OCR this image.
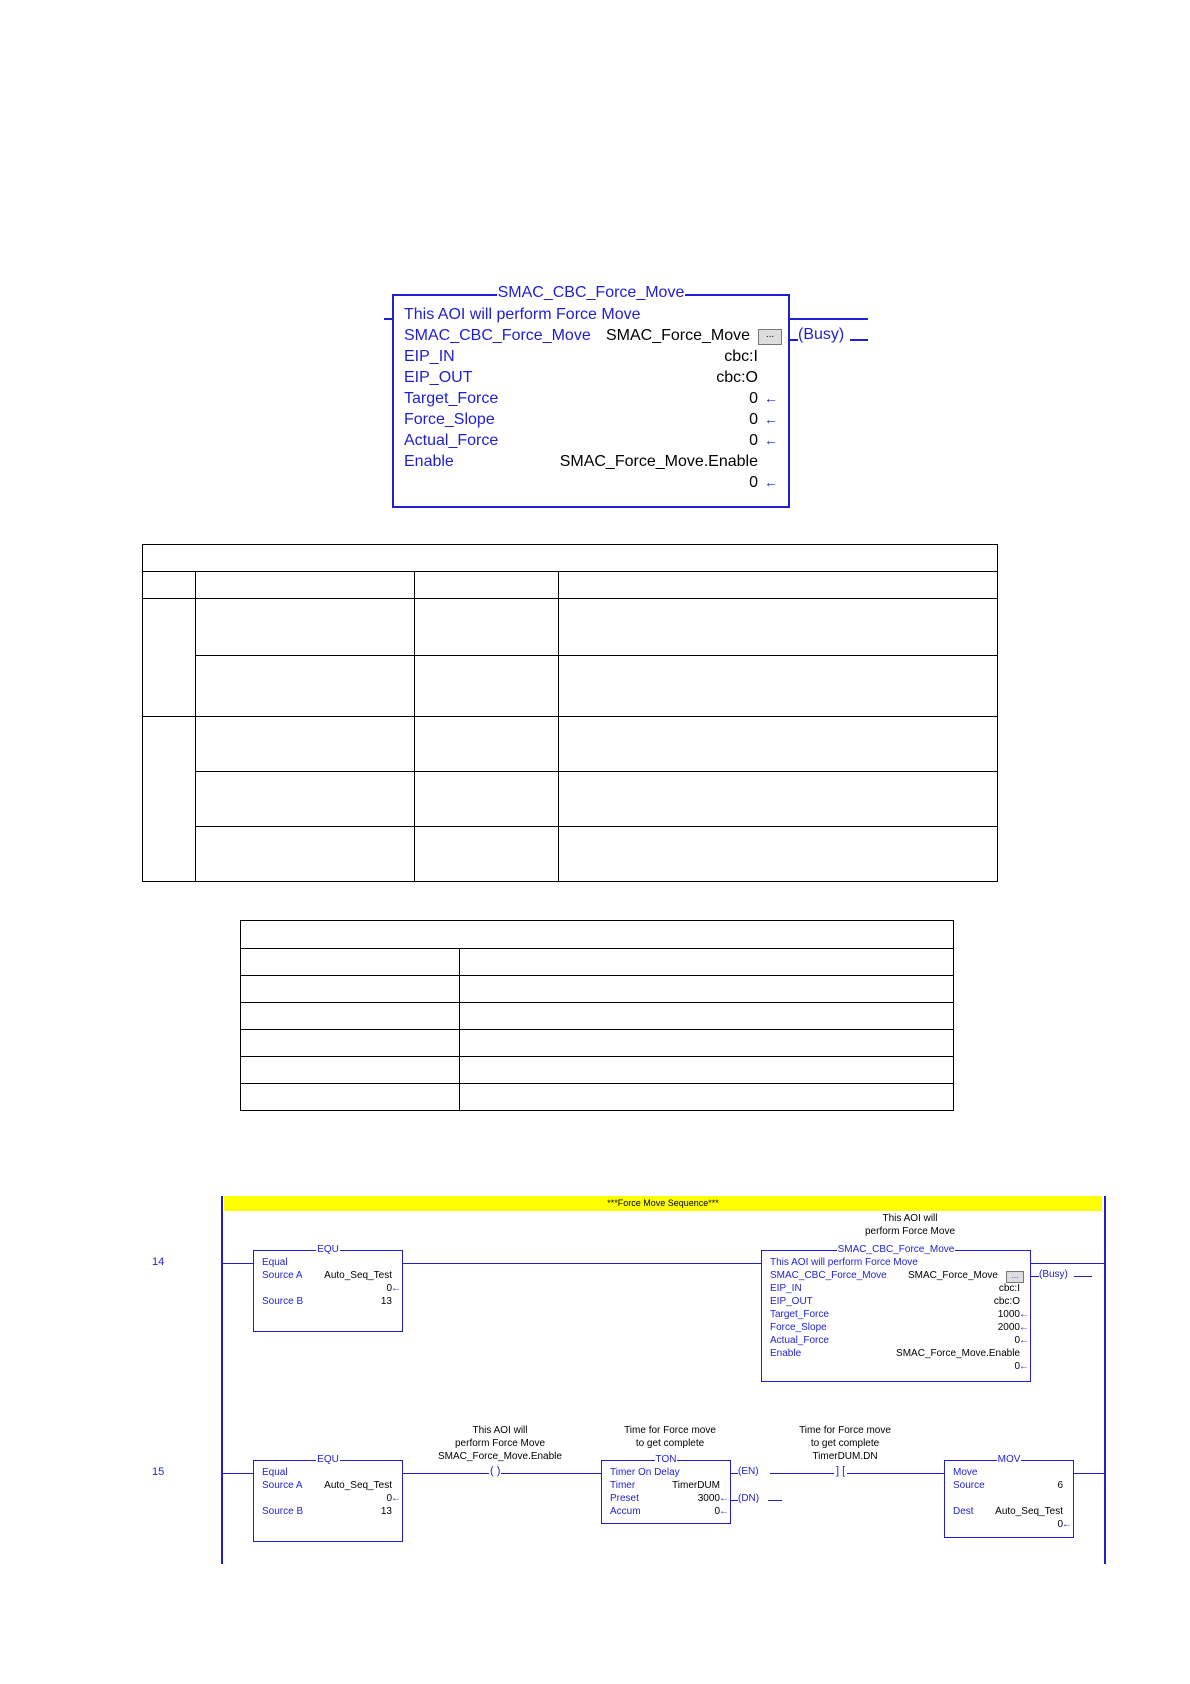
SMAC_CBC_Force_Move
This AOI will perform Force Move
SMAC_CBC_Force_Move SMAC_Force_Move	...
EIP_IN	cbc:I
EIP_OUT	cbc:O
Target_Force	0 ←
Force_Slope	0 ←
Actual_Force	0 ←
Enable	SMAC_Force_Move.Enable
0 ←
(Busy)

***Force Move Sequence***
14
EQU
Equal
Source A Auto_Seq_Test
0 ←
Source B	13
This AOI will
perform Force Move
SMAC_CBC_Force_Move
This AOI will perform Force Move
SMAC_CBC_Force_Move SMAC_Force_Move	...
EIP_IN	cbc:I
EIP_OUT	cbc:O
Target_Force	1000 ←
Force_Slope	2000 ←
Actual_Force	0 ←
Enable	SMAC_Force_Move.Enable
0 ←
(Busy)
15
EQU
Equal
Source A Auto_Seq_Test
0 ←
Source B	13
This AOI will
perform Force Move
SMAC_Force_Move.Enable
( )
Time for Force move
to get complete
TON
Timer On Delay
Timer	TimerDUM
Preset	3000 ←
Accum	0 ←
(EN)
(DN)
Time for Force move
to get complete
TimerDUM.DN
] [
MOV
Move
Source	6
Dest Auto_Seq_Test
0 ←
